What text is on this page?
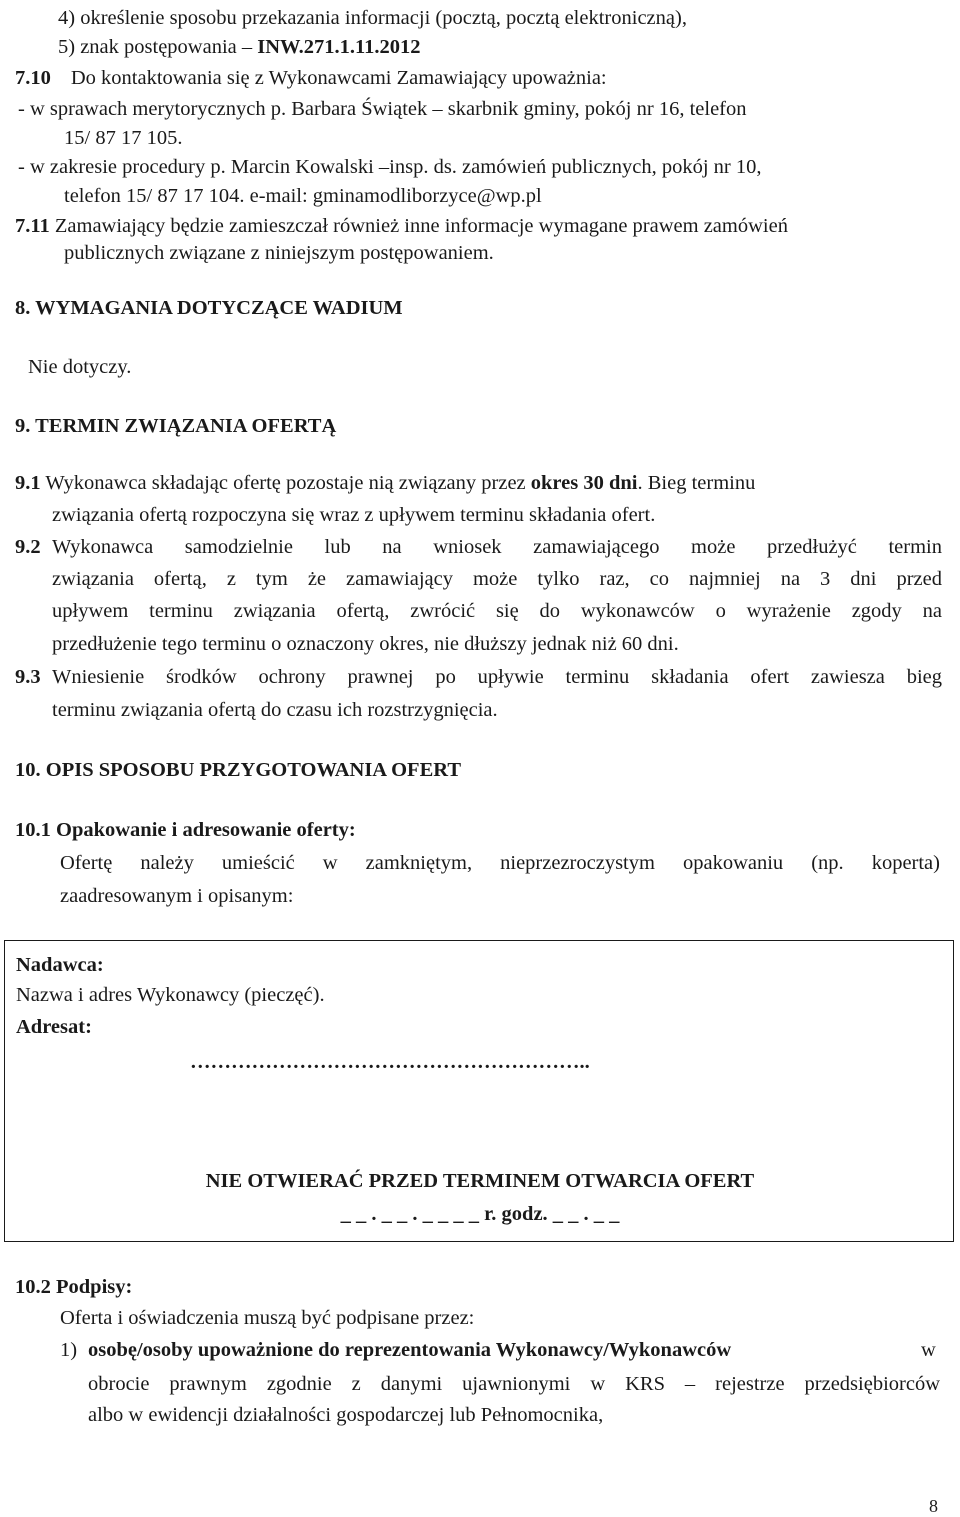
4) określenie sposobu przekazania informacji (pocztą, pocztą elektroniczną),
5) znak postępowania – INW.271.1.11.2012
7.10 Do kontaktowania się z Wykonawcami Zamawiający upoważnia:
- w sprawach merytorycznych p. Barbara Świątek – skarbnik gminy, pokój nr 16, telefon
15/ 87 17 105.
- w zakresie procedury p. Marcin Kowalski –insp. ds. zamówień publicznych, pokój nr 10,
telefon 15/ 87 17 104. e-mail: gminamodliborzyce@wp.pl
7.11 Zamawiający będzie zamieszczał również inne informacje wymagane prawem zamówień
publicznych związane z niniejszym postępowaniem.
8. WYMAGANIA DOTYCZĄCE WADIUM
Nie dotyczy.
9. TERMIN ZWIĄZANIA OFERTĄ
9.1 Wykonawca składając ofertę pozostaje nią związany przez okres 30 dni. Bieg terminu
związania ofertą rozpoczyna się wraz z upływem terminu składania ofert.
9.2 Wykonawca samodzielnie lub na wniosek zamawiającego może przedłużyć termin
związania ofertą, z tym że zamawiający może tylko raz, co najmniej na 3 dni przed
upływem terminu związania ofertą, zwrócić się do wykonawców o wyrażenie zgody na
przedłużenie tego terminu o oznaczony okres, nie dłuższy jednak niż 60 dni.
9.3 Wniesienie środków ochrony prawnej po upływie terminu składania ofert zawiesza bieg
terminu związania ofertą do czasu ich rozstrzygnięcia.
10. OPIS SPOSOBU PRZYGOTOWANIA OFERT
10.1 Opakowanie i adresowanie oferty:
Ofertę należy umieścić w zamkniętym, nieprzezroczystym opakowaniu (np. koperta)
zaadresowanym i opisanym:
Nadawca:
Nazwa i adres Wykonawcy (pieczęć).
Adresat:
…………………………………………………..
NIE OTWIERAĆ PRZED TERMINEM OTWARCIA OFERT
_ _ . _ _ . _ _ _ _ r. godz. _ _ . _ _
10.2 Podpisy:
Oferta i oświadczenia muszą być podpisane przez:
1) osobę/osoby upoważnione do reprezentowania Wykonawcy/Wykonawców	w
obrocie prawnym zgodnie z danymi ujawnionymi w KRS – rejestrze przedsiębiorców
albo w ewidencji działalności gospodarczej lub Pełnomocnika,
8
